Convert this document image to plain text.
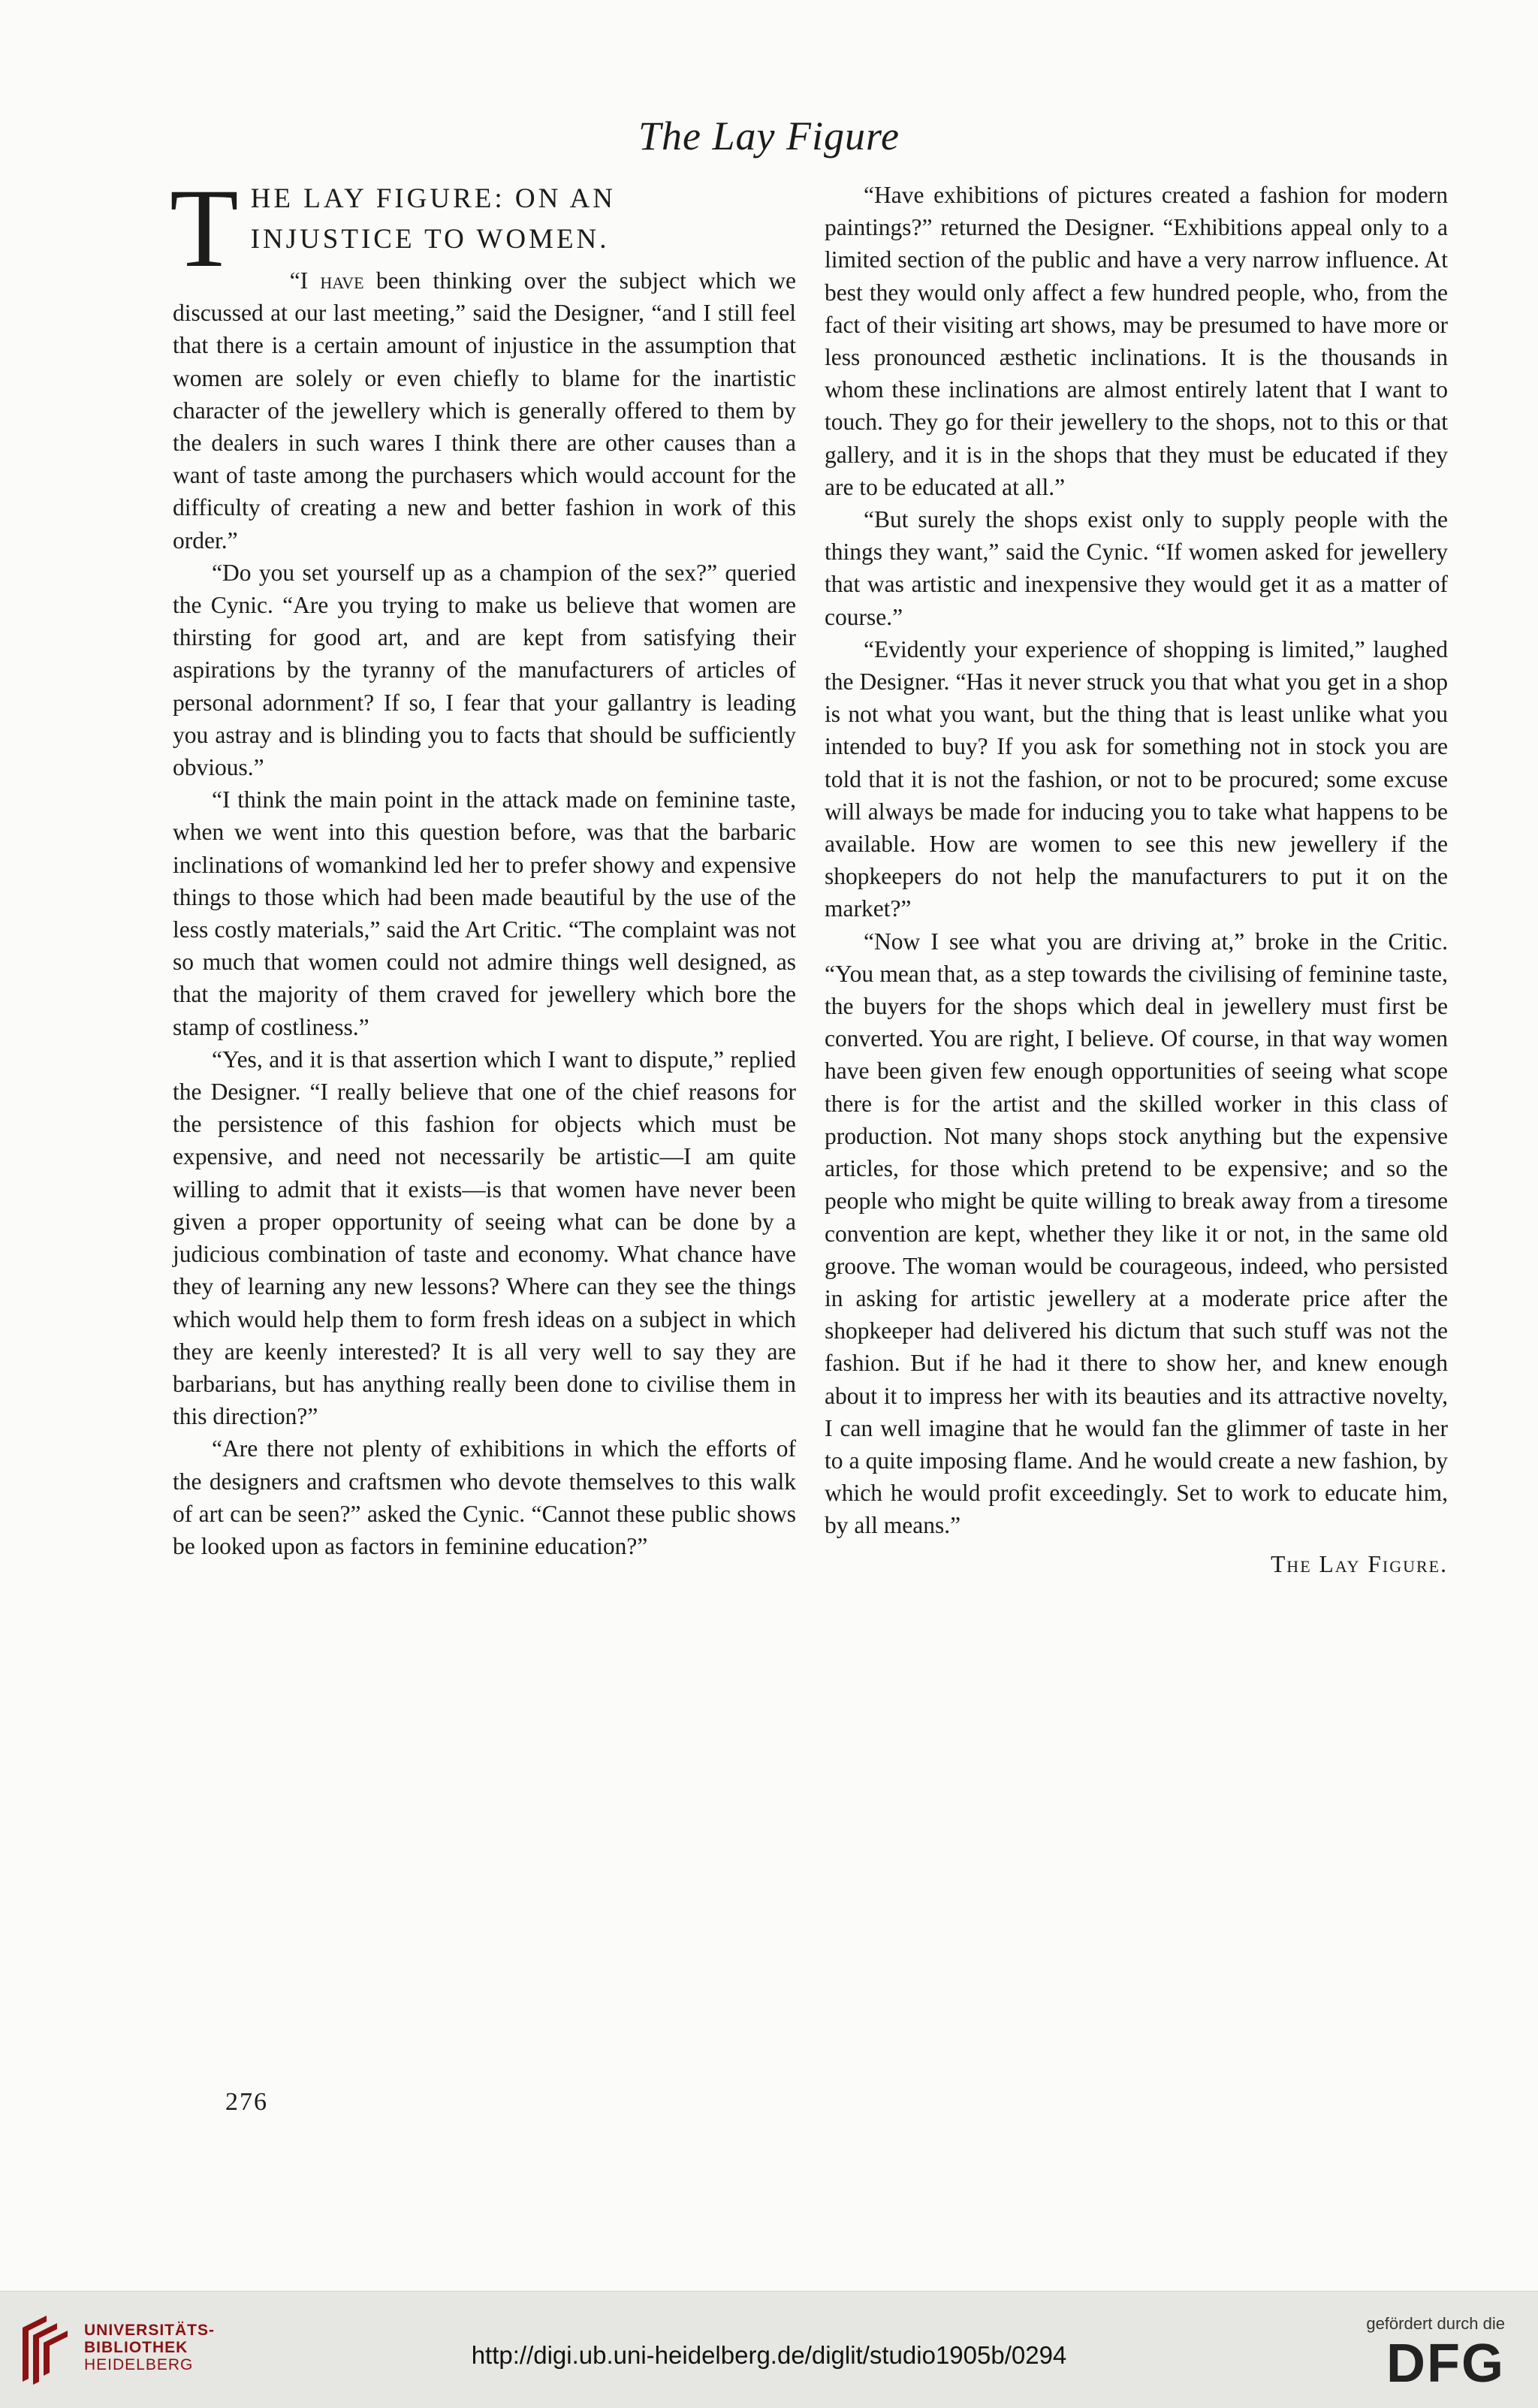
The Lay Figure
T HE LAY FIGURE: ON AN
INJUSTICE TO WOMEN.

“I have been thinking over the subject which we discussed at our last meeting,” said the Designer, “and I still feel that there is a certain amount of injustice in the assumption that women are solely or even chiefly to blame for the inartistic character of the jewellery which is generally offered to them by the dealers in such wares I think there are other causes than a want of taste among the purchasers which would account for the difficulty of creating a new and better fashion in work of this order.”

“Do you set yourself up as a champion of the sex?” queried the Cynic. “Are you trying to make us believe that women are thirsting for good art, and are kept from satisfying their aspirations by the tyranny of the manufacturers of articles of personal adornment? If so, I fear that your gallantry is leading you astray and is blinding you to facts that should be sufficiently obvious.”

“I think the main point in the attack made on feminine taste, when we went into this question before, was that the barbaric inclinations of womankind led her to prefer showy and expensive things to those which had been made beautiful by the use of the less costly materials,” said the Art Critic. “The complaint was not so much that women could not admire things well designed, as that the majority of them craved for jewellery which bore the stamp of costliness.”

“Yes, and it is that assertion which I want to dispute,” replied the Designer. “I really believe that one of the chief reasons for the persistence of this fashion for objects which must be expensive, and need not necessarily be artistic—I am quite willing to admit that it exists—is that women have never been given a proper opportunity of seeing what can be done by a judicious combination of taste and economy. What chance have they of learning any new lessons? Where can they see the things which would help them to form fresh ideas on a subject in which they are keenly interested? It is all very well to say they are barbarians, but has anything really been done to civilise them in this direction?”

“Are there not plenty of exhibitions in which the efforts of the designers and craftsmen who devote themselves to this walk of art can be seen?” asked the Cynic. “Cannot these public shows be looked upon as factors in feminine education?”

“Have exhibitions of pictures created a fashion for modern paintings?” returned the Designer. “Exhibitions appeal only to a limited section of the public and have a very narrow influence. At best they would only affect a few hundred people, who, from the fact of their visiting art shows, may be presumed to have more or less pronounced æsthetic inclinations. It is the thousands in whom these inclinations are almost entirely latent that I want to touch. They go for their jewellery to the shops, not to this or that gallery, and it is in the shops that they must be educated if they are to be educated at all.”

“But surely the shops exist only to supply people with the things they want,” said the Cynic. “If women asked for jewellery that was artistic and inexpensive they would get it as a matter of course.”

“Evidently your experience of shopping is limited,” laughed the Designer. “Has it never struck you that what you get in a shop is not what you want, but the thing that is least unlike what you intended to buy? If you ask for something not in stock you are told that it is not the fashion, or not to be procured; some excuse will always be made for inducing you to take what happens to be available. How are women to see this new jewellery if the shopkeepers do not help the manufacturers to put it on the market?”

“Now I see what you are driving at,” broke in the Critic. “You mean that, as a step towards the civilising of feminine taste, the buyers for the shops which deal in jewellery must first be converted. You are right, I believe. Of course, in that way women have been given few enough opportunities of seeing what scope there is for the artist and the skilled worker in this class of production. Not many shops stock anything but the expensive articles, for those which pretend to be expensive; and so the people who might be quite willing to break away from a tiresome convention are kept, whether they like it or not, in the same old groove. The woman would be courageous, indeed, who persisted in asking for artistic jewellery at a moderate price after the shopkeeper had delivered his dictum that such stuff was not the fashion. But if he had it there to show her, and knew enough about it to impress her with its beauties and its attractive novelty, I can well imagine that he would fan the glimmer of taste in her to a quite imposing flame. And he would create a new fashion, by which he would profit exceedingly. Set to work to educate him, by all means.”

The Lay Figure.
276
UNIVERSITÄTS-
BIBLIOTHEK
HEIDELBERG	http://digi.ub.uni-heidelberg.de/diglit/studio1905b/0294
gefördert durch die
DFG
